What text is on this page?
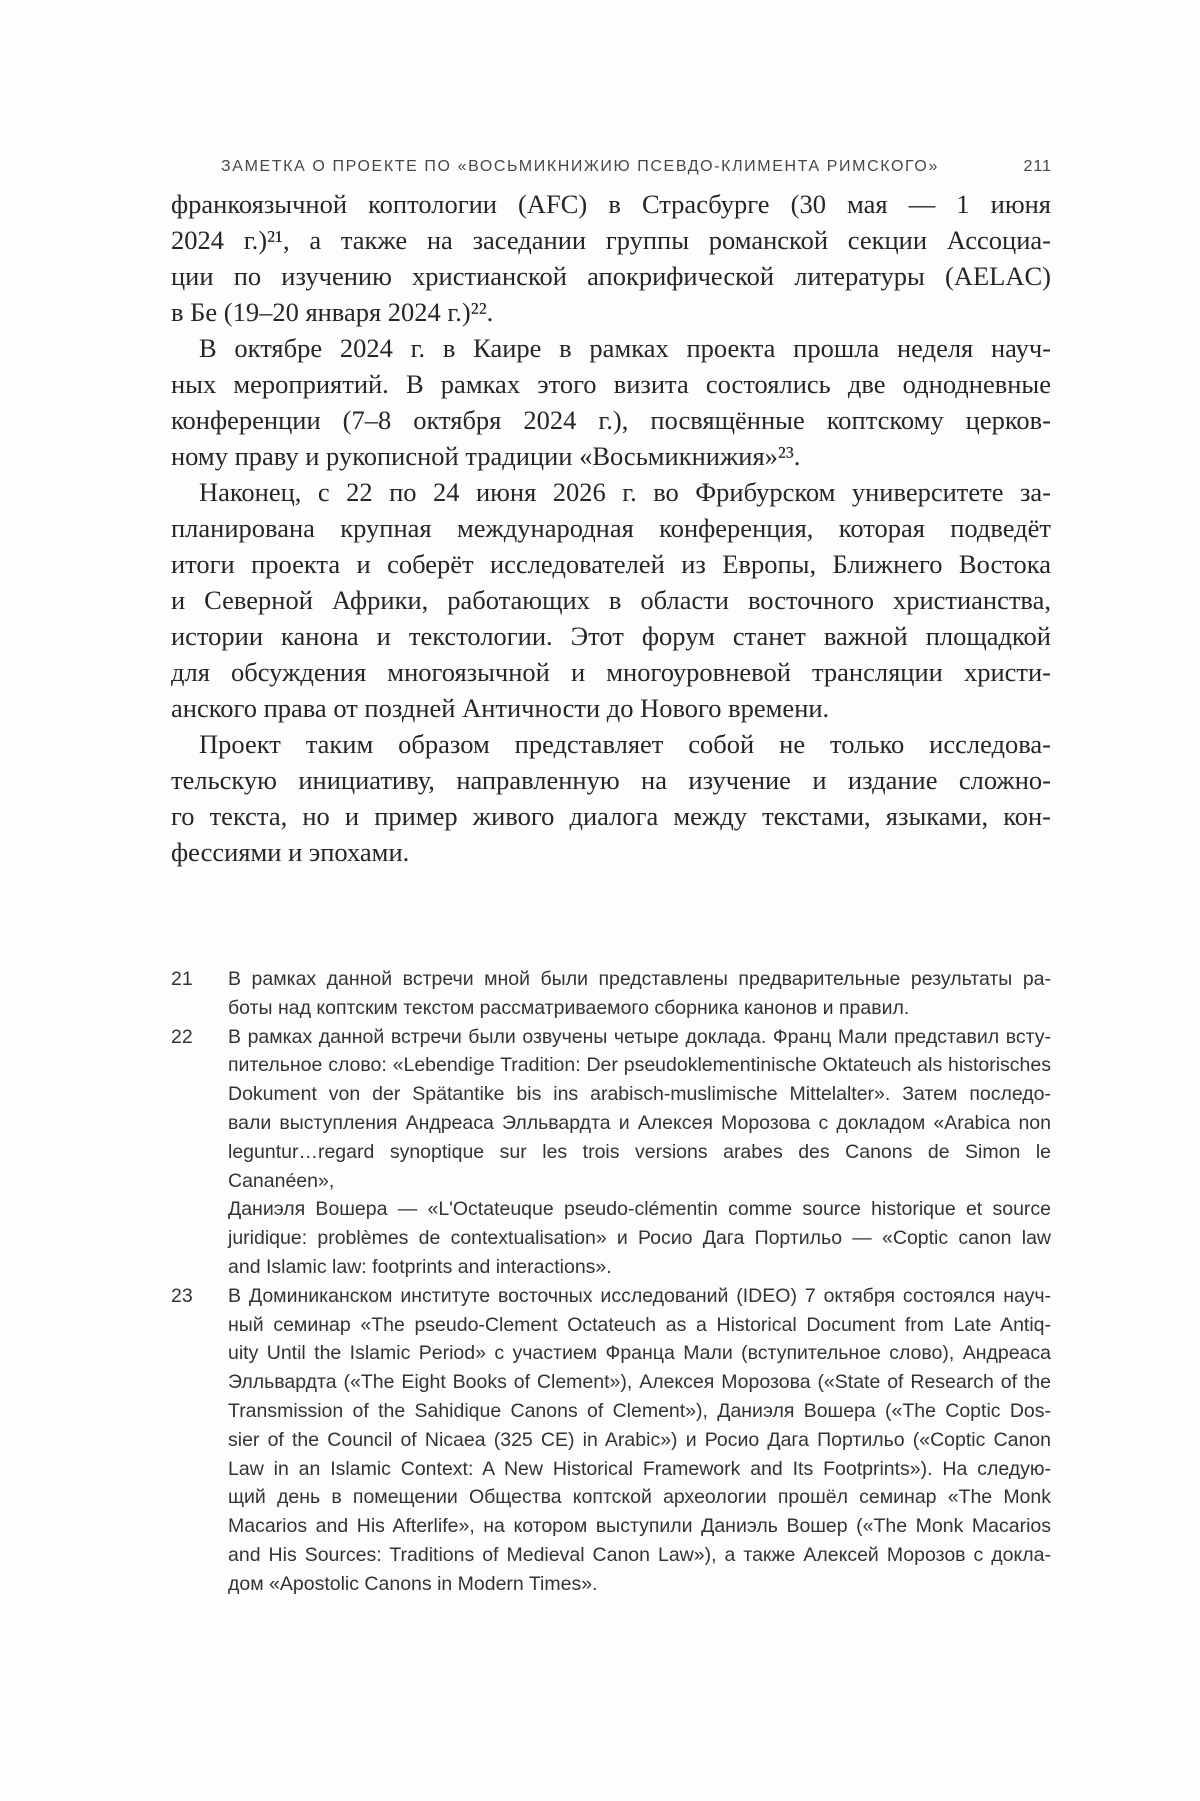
ЗАМЕТКА О ПРОЕКТЕ ПО «ВОСЬМИКНИЖИЮ ПСЕВДО-КЛИМЕНТА РИМСКОГО»	211
франкоязычной коптологии (AFC) в Страсбурге (30 мая — 1 июня
2024 г.)²¹, а также на заседании группы романской секции Ассоциа-
ции по изучению христианской апокрифической литературы (AELAC)
в Бе (19–20 января 2024 г.)²².
В октябре 2024 г. в Каире в рамках проекта прошла неделя науч-
ных мероприятий. В рамках этого визита состоялись две однодневные
конференции (7–8 октября 2024 г.), посвящённые коптскому церков-
ному праву и рукописной традиции «Восьмикнижия»²³.
Наконец, с 22 по 24 июня 2026 г. во Фрибурском университете за-
планирована крупная международная конференция, которая подведёт
итоги проекта и соберёт исследователей из Европы, Ближнего Востока
и Северной Африки, работающих в области восточного христианства,
истории канона и текстологии. Этот форум станет важной площадкой
для обсуждения многоязычной и многоуровневой трансляции христи-
анского права от поздней Античности до Нового времени.
Проект таким образом представляет собой не только исследова-
тельскую инициативу, направленную на изучение и издание сложно-
го текста, но и пример живого диалога между текстами, языками, кон-
фессиями и эпохами.
21	В рамках данной встречи мной были представлены предварительные результаты ра-
боты над коптским текстом рассматриваемого сборника канонов и правил.
22	В рамках данной встречи были озвучены четыре доклада. Франц Мали представил всту-
пительное слово: «Lebendige Tradition: Der pseudoklementinische Oktateuch als historisches
Dokument von der Spätantike bis ins arabisch-muslimische Mittelalter». Затем последо-
вали выступления Андреаса Элльвардта и Алексея Морозова с докладом «Arabica non
leguntur…regard synoptique sur les trois versions arabes des Canons de Simon le Cananéen»,
Даниэля Вошера — «L'Octateuque pseudo-clémentin comme source historique et source
juridique: problèmes de contextualisation» и Росио Дага Портильо — «Coptic canon law
and Islamic law: footprints and interactions».
23	В Доминиканском институте восточных исследований (IDEO) 7 октября состоялся науч-
ный семинар «The pseudo-Clement Octateuch as a Historical Document from Late Antiq-
uity Until the Islamic Period» с участием Франца Мали (вступительное слово), Андреаса
Элльвардта («The Eight Books of Clement»), Алексея Морозова («State of Research of the
Transmission of the Sahidique Canons of Clement»), Даниэля Вошера («The Coptic Dos-
sier of the Council of Nicaea (325 CE) in Arabic») и Росио Дага Портильо («Coptic Canon
Law in an Islamic Context: A New Historical Framework and Its Footprints»). На следую-
щий день в помещении Общества коптской археологии прошёл семинар «The Monk
Macarios and His Afterlife», на котором выступили Даниэль Вошер («The Monk Macarios
and His Sources: Traditions of Medieval Canon Law»), а также Алексей Морозов с докла-
дом «Apostolic Canons in Modern Times».
